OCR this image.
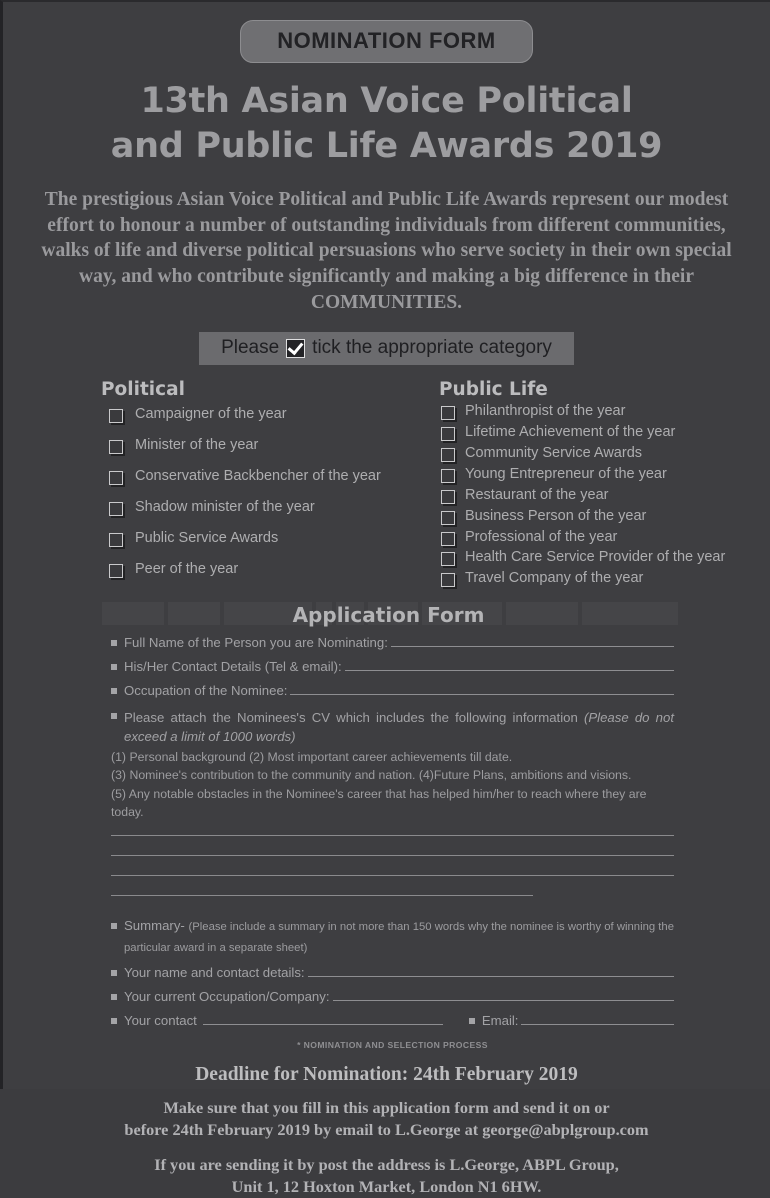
NOMINATION FORM
13th Asian Voice Political
and Public Life Awards 2019
The prestigious Asian Voice Political and Public Life Awards represent our modest effort to honour a number of outstanding individuals from different communities, walks of life and diverse political persuasions who serve society in their own special way, and who contribute significantly and making a big difference in their COMMUNITIES.
Please tick the appropriate category
Political
Campaigner of the year
Minister of the year
Conservative Backbencher of the year
Shadow minister of the year
Public Service Awards
Peer of the year
Public Life
Philanthropist of the year
Lifetime Achievement of the year
Community Service Awards
Young Entrepreneur of the year
Restaurant of the year
Business Person of the year
Professional of the year
Health Care Service Provider of the year
Travel Company of the year
Application Form
Full Name of the Person you are Nominating:
His/Her Contact Details (Tel & email):
Occupation of the Nominee:
Please attach the Nominees's CV which includes the following information (Please do not exceed a limit of 1000 words)
(1) Personal background (2) Most important career achievements till date.
(3) Nominee's contribution to the community and nation. (4)Future Plans, ambitions and visions.
(5) Any notable obstacles in the Nominee's career that has helped him/her to reach where they are today.
Summary- (Please include a summary in not more than 150 words why the nominee is worthy of winning the particular award in a separate sheet)
Your name and contact details:
Your current Occupation/Company:
Your contact	Email:
* NOMINATION AND SELECTION PROCESS
Deadline for Nomination: 24th February 2019
Make sure that you fill in this application form and send it on or
before 24th February 2019 by email to L.George at george@abplgroup.com
If you are sending it by post the address is L.George, ABPL Group,
Unit 1, 12 Hoxton Market, London N1 6HW.
